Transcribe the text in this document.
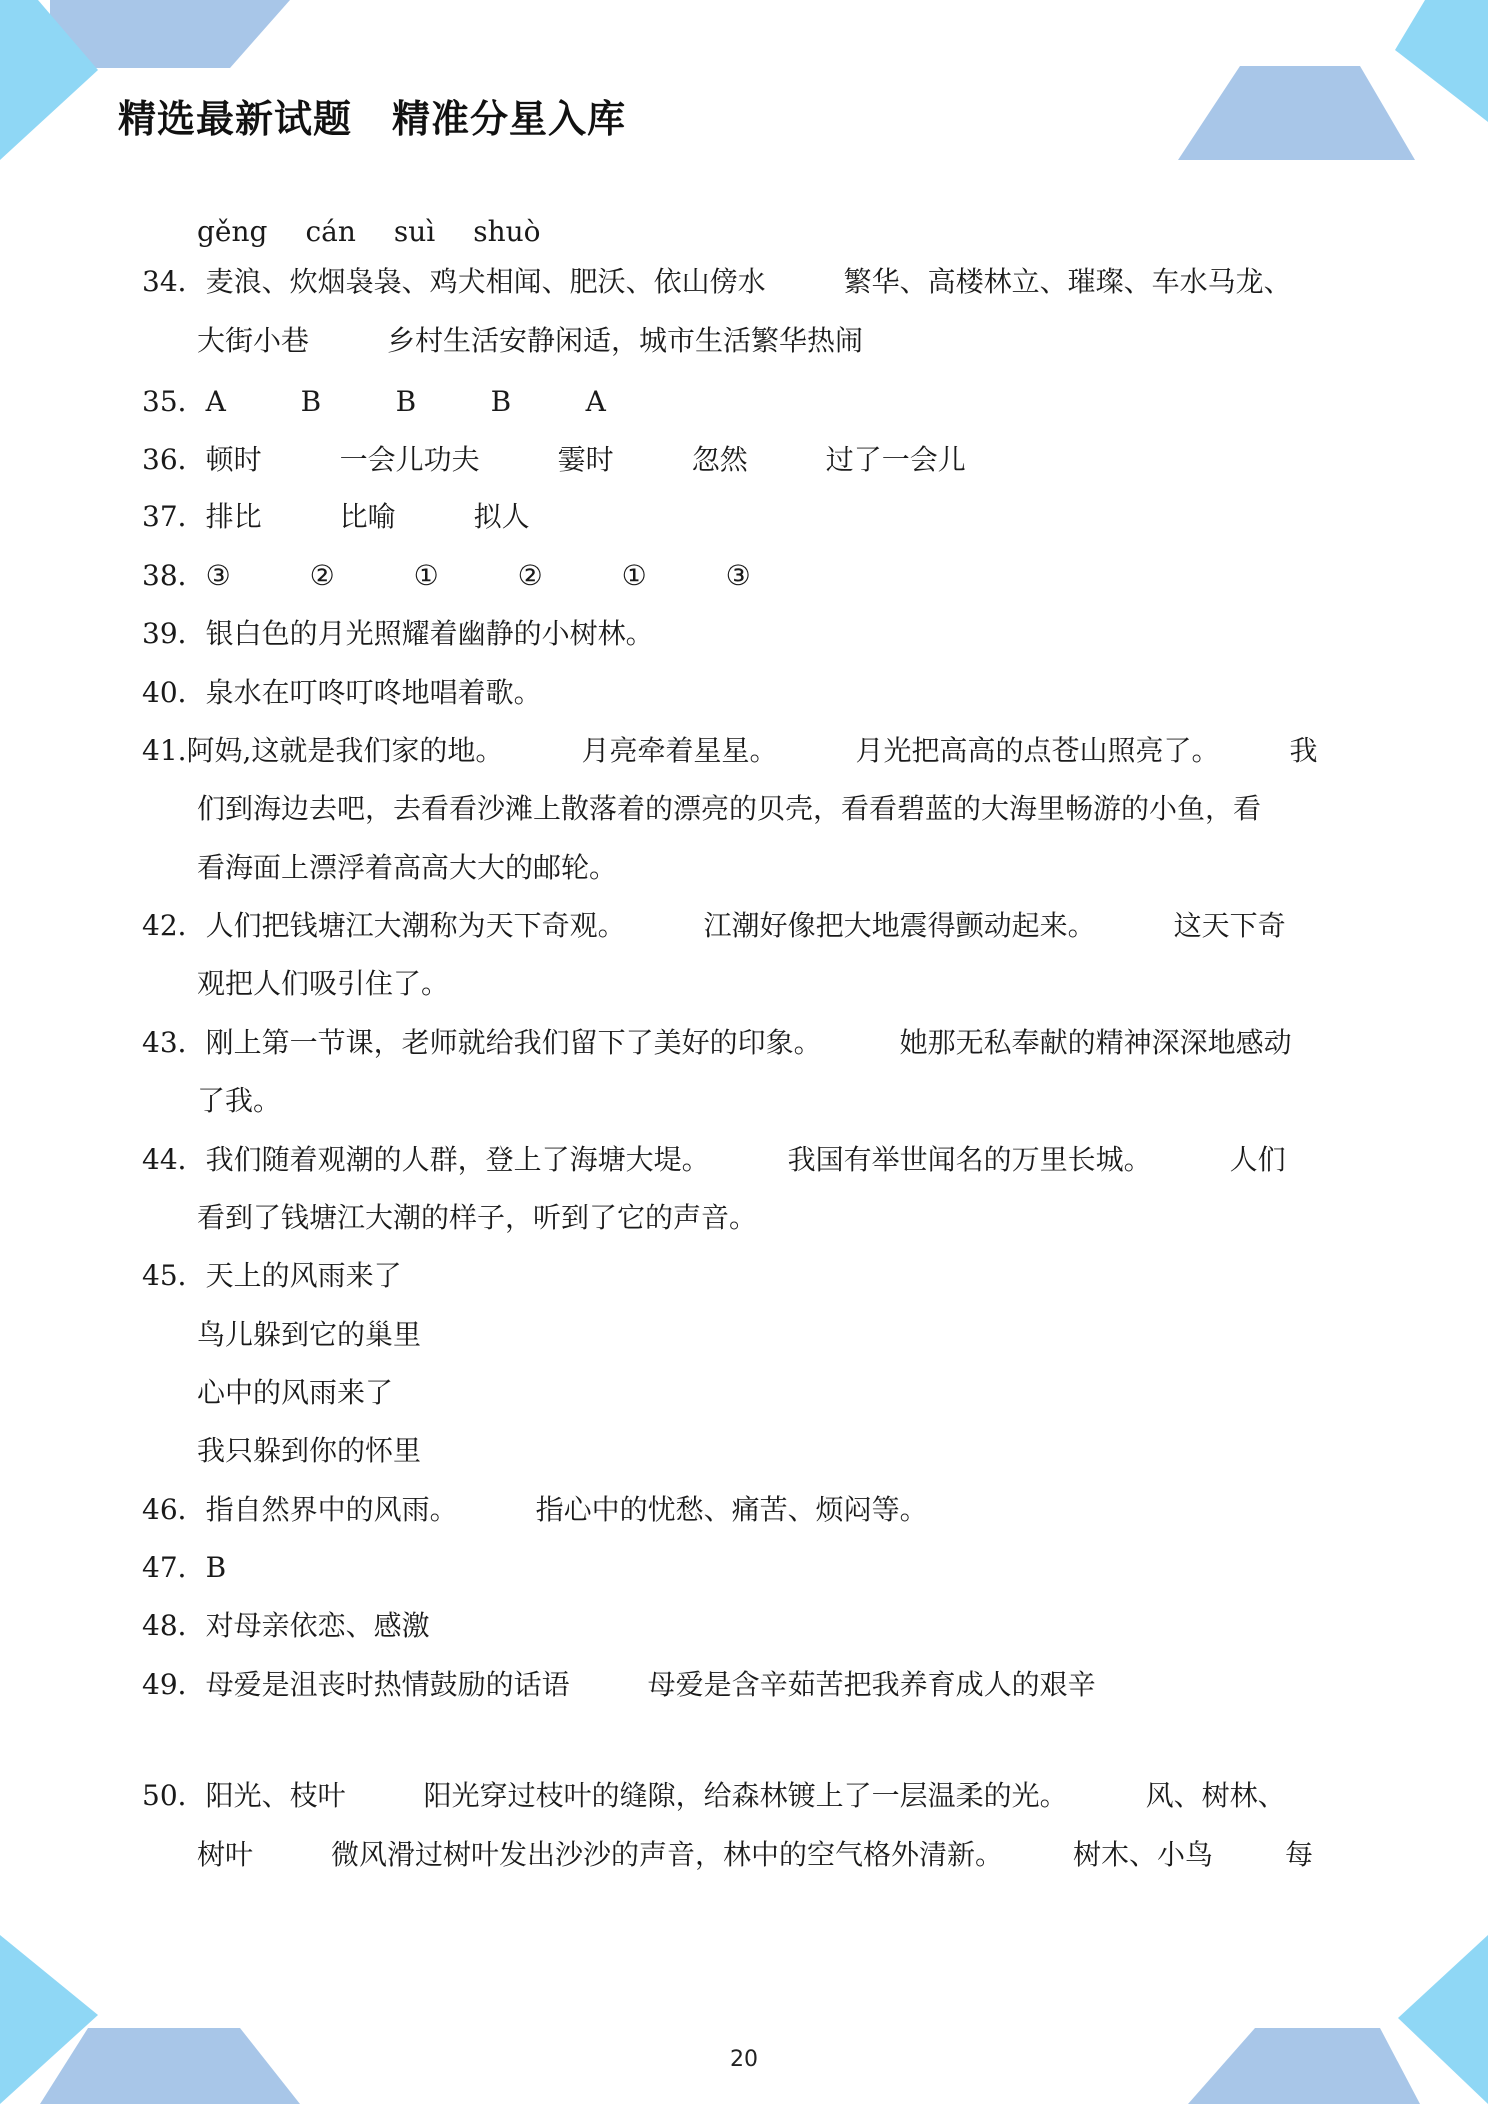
精选最新试题 精准分星入库
gěng cán suì shuò
34．麦浪、炊烟袅袅、鸡犬相闻、肥沃、依山傍水	繁华、高楼林立、璀璨、车水马龙、
大街小巷	乡村生活安静闲适，城市生活繁华热闹
35．A	B	B	B	A
36．顿时	一会儿功夫	霎时	忽然	过了一会儿
37．排比	比喻	拟人
38．③	②	①	②	①	③
39．银白色的月光照耀着幽静的小树林。
40．泉水在叮咚叮咚地唱着歌。
41.阿妈,这就是我们家的地。	月亮牵着星星。	月光把高高的点苍山照亮了。	我
们到海边去吧，去看看沙滩上散落着的漂亮的贝壳，看看碧蓝的大海里畅游的小鱼，看
看海面上漂浮着高高大大的邮轮。
42．人们把钱塘江大潮称为天下奇观。	江潮好像把大地震得颤动起来。	这天下奇
观把人们吸引住了。
43．刚上第一节课，老师就给我们留下了美好的印象。	她那无私奉献的精神深深地感动
了我。
44．我们随着观潮的人群，登上了海塘大堤。	我国有举世闻名的万里长城。	人们
看到了钱塘江大潮的样子，听到了它的声音。
45．天上的风雨来了
鸟儿躲到它的巢里
心中的风雨来了
我只躲到你的怀里
46．指自然界中的风雨。	指心中的忧愁、痛苦、烦闷等。
47．B
48．对母亲依恋、感激
49．母爱是沮丧时热情鼓励的话语	母爱是含辛茹苦把我养育成人的艰辛
50．阳光、枝叶	阳光穿过枝叶的缝隙，给森林镀上了一层温柔的光。	风、树林、
树叶	微风滑过树叶发出沙沙的声音，林中的空气格外清新。	树木、小鸟	每
20
